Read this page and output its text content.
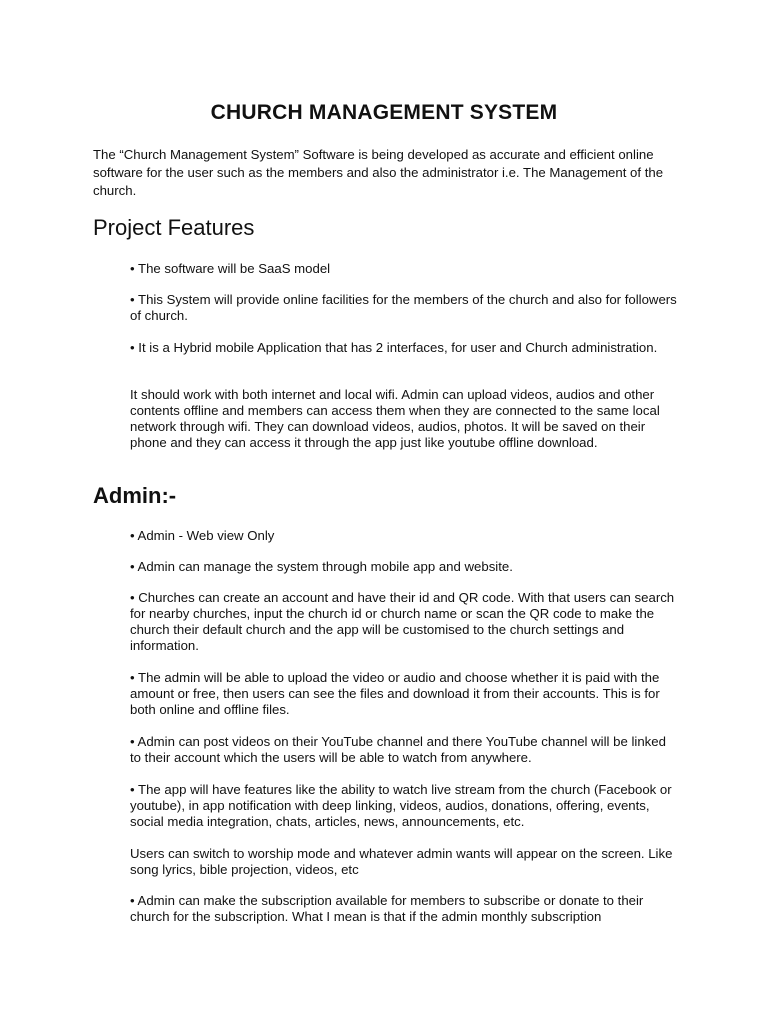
CHURCH MANAGEMENT SYSTEM

The “Church Management System” Software is being developed as accurate and efficient online software for the user such as the members and also the administrator i.e. The Management of the church.

Project Features

• The software will be SaaS model

• This System will provide online facilities for the members of the church and also for followers of church.

• It is a Hybrid mobile Application that has 2 interfaces, for user and Church administration.

It should work with both internet and local wifi. Admin can upload videos, audios and other contents offline and members can access them when they are connected to the same local network through wifi. They can download videos, audios, photos. It will be saved on their phone and they can access it through the app just like youtube offline download.

Admin:-

• Admin - Web view Only

• Admin can manage the system through mobile app and website.

• Churches can create an account and have their id and QR code. With that users can search for nearby churches, input the church id or church name or scan the QR code to make the church their default church and the app will be customised to the church settings and information.

• The admin will be able to upload the video or audio and choose whether it is paid with the amount or free, then users can see the files and download it from their accounts. This is for both online and offline files.

• Admin can post videos on their YouTube channel and there YouTube channel will be linked to their account which the users will be able to watch from anywhere.

• The app will have features like the ability to watch live stream from the church (Facebook or youtube), in app notification with deep linking, videos, audios, donations, offering, events, social media integration, chats, articles, news, announcements, etc.

Users can switch to worship mode and whatever admin wants will appear on the screen. Like song lyrics, bible projection, videos, etc

• Admin can make the subscription available for members to subscribe or donate to their church for the subscription. What I mean is that if the admin monthly subscription
